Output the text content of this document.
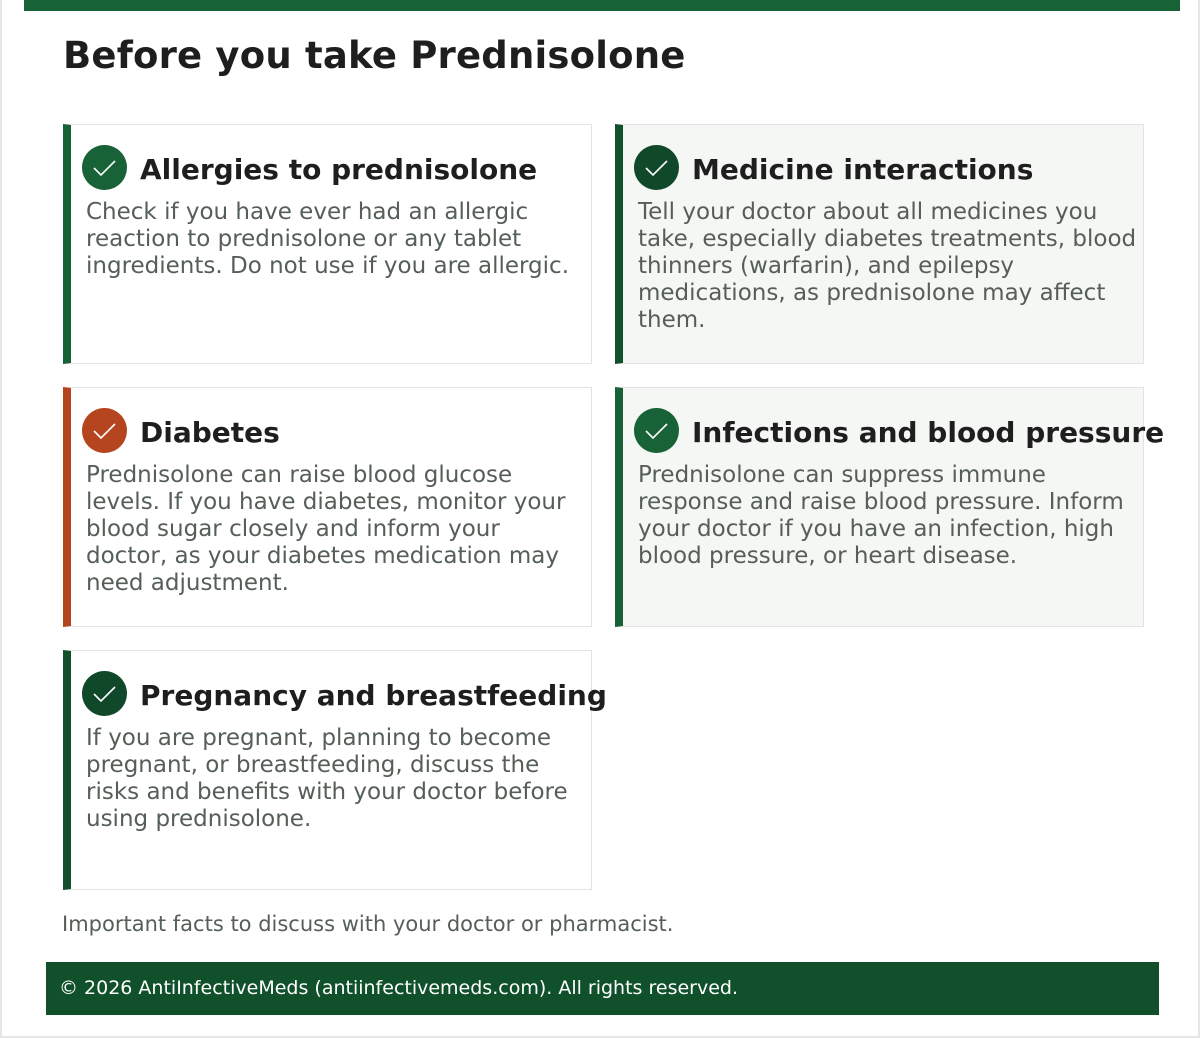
Before you take Prednisolone
Allergies to prednisolone
Check if you have ever had an allergic reaction to prednisolone or any tablet ingredients. Do not use if you are allergic.
Medicine interactions
Tell your doctor about all medicines you take, especially diabetes treatments, blood thinners (warfarin), and epilepsy medications, as prednisolone may affect them.
Diabetes
Prednisolone can raise blood glucose levels. If you have diabetes, monitor your blood sugar closely and inform your doctor, as your diabetes medication may need adjustment.
Infections and blood pressure
Prednisolone can suppress immune response and raise blood pressure. Inform your doctor if you have an infection, high blood pressure, or heart disease.
Pregnancy and breastfeeding
If you are pregnant, planning to become pregnant, or breastfeeding, discuss the risks and benefits with your doctor before using prednisolone.

Important facts to discuss with your doctor or pharmacist.

© 2026 AntiInfectiveMeds (antiinfectivemeds.com). All rights reserved.
